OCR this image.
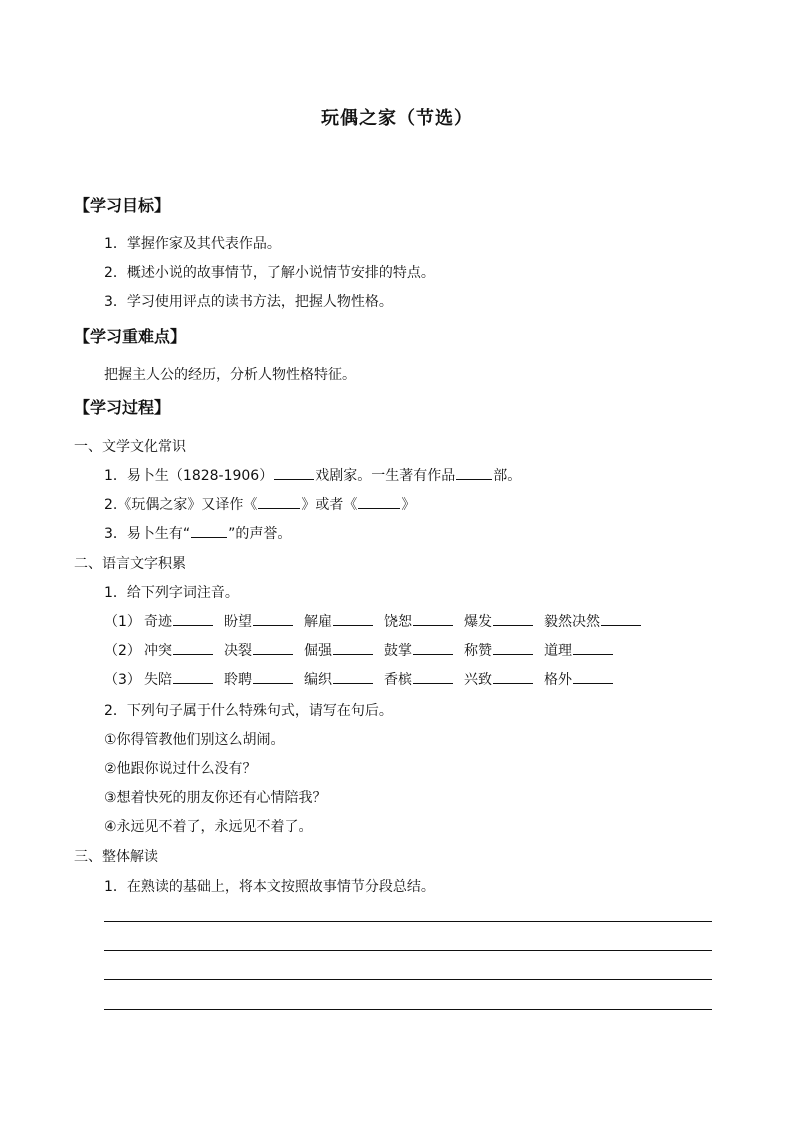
玩偶之家（节选）
【学习目标】
1．掌握作家及其代表作品。
2．概述小说的故事情节，了解小说情节安排的特点。
3．学习使用评点的读书方法，把握人物性格。
【学习重难点】
把握主人公的经历，分析人物性格特征。
【学习过程】
一、文学文化常识
1．易卜生（1828-1906）	戏剧家。一生著有作品	部。
2.《玩偶之家》又译作《	》或者《	》
3．易卜生有“	”的声誉。
二、语言文字积累
1．给下列字词注音。
（1） 奇迹	盼望	解雇	饶恕	爆发	毅然决然
（2） 冲突	决裂	倔强	鼓掌	称赞	道理
（3） 失陪	聆聘	编织	香槟	兴致	格外
2．下列句子属于什么特殊句式，请写在句后。
①你得管教他们别这么胡闹。
②他跟你说过什么没有？
③想着快死的朋友你还有心情陪我？
④永远见不着了，永远见不着了。
三、整体解读
1．在熟读的基础上，将本文按照故事情节分段总结。
